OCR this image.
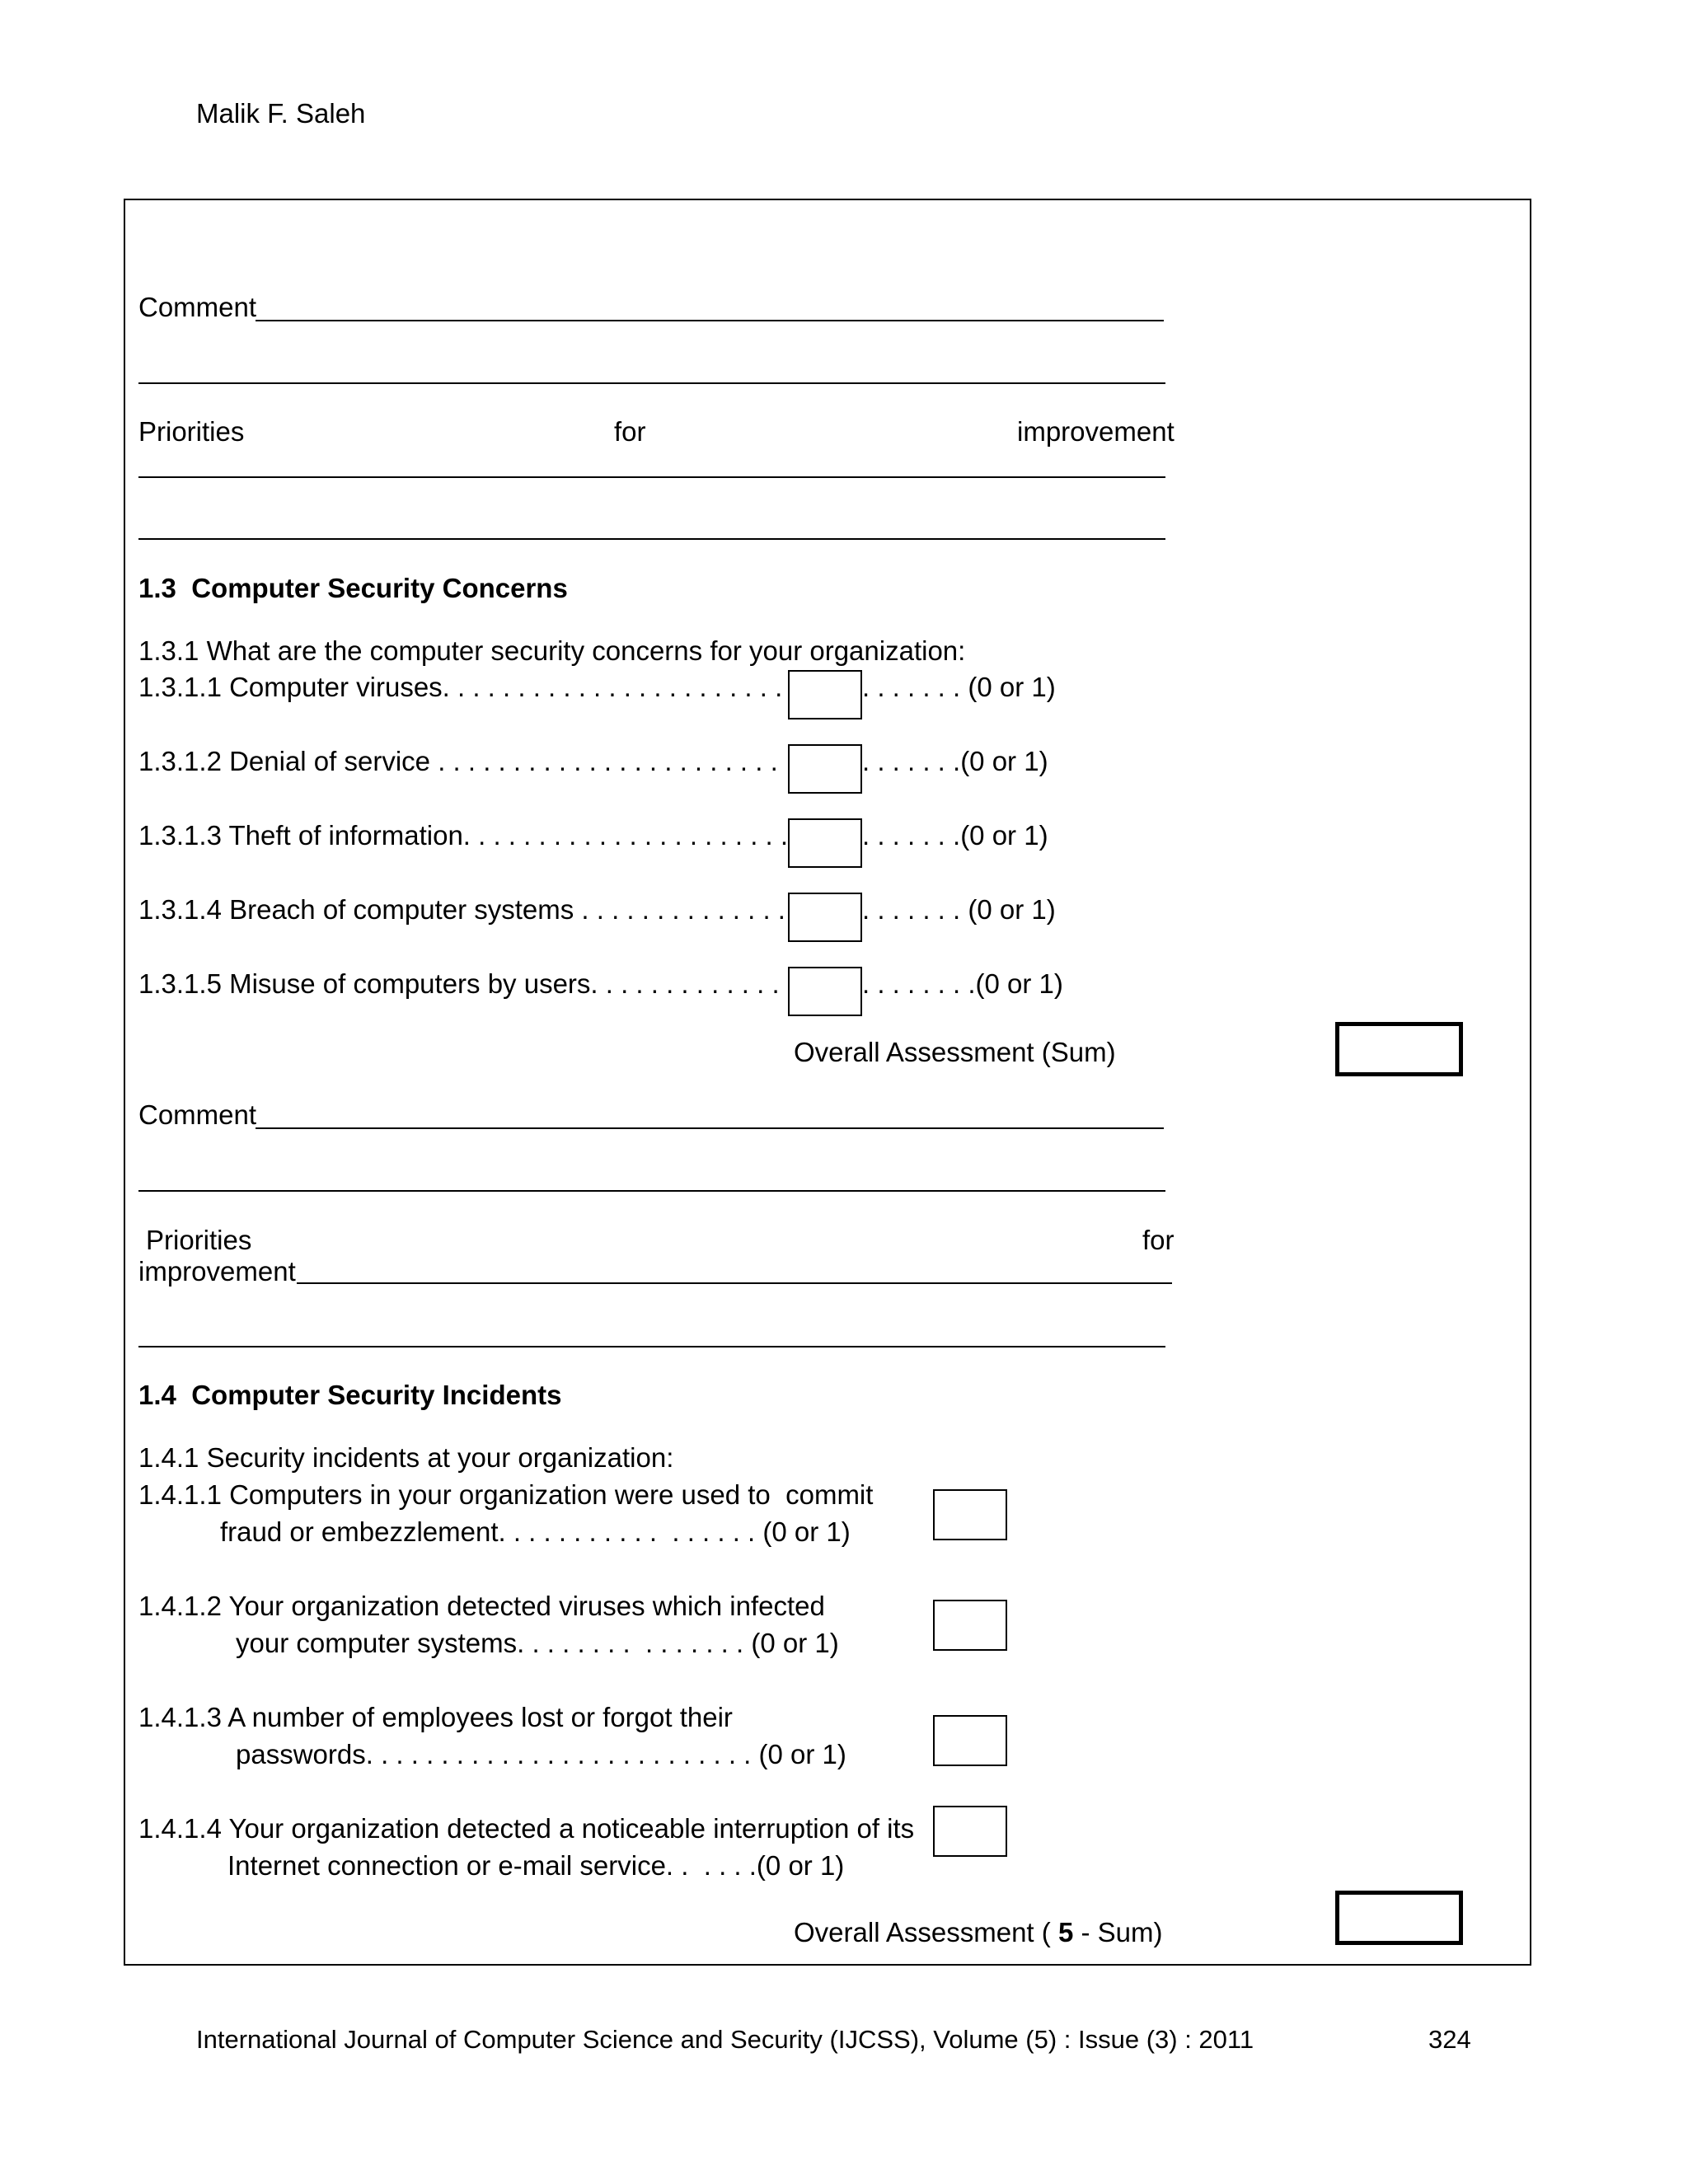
Malik F. Saleh
Comment
Priorities	for	improvement
1.3  Computer Security Concerns
1.3.1 What are the computer security concerns for your organization:
1.3.1.1 Computer viruses. . . . . . . . . . . . . . . . . . . . . . .	. . . . . . . (0 or 1)
1.3.1.2 Denial of service . . . . . . . . . . . . . . . . . . . . . . .	. . . . . . .(0 or 1)
1.3.1.3 Theft of information. . . . . . . . . . . . . . . . . . . . . .	. . . . . . .(0 or 1)
1.3.1.4 Breach of computer systems . . . . . . . . . . . . . .	. . . . . . . (0 or 1)
1.3.1.5 Misuse of computers by users. . . . . . . . . . . . .	. . . . . . . .(0 or 1)
Overall Assessment (Sum)
Comment
Priorities	for
improvement
1.4  Computer Security Incidents
1.4.1 Security incidents at your organization:
1.4.1.1 Computers in your organization were used to  commit
fraud or embezzlement. . . . . . . . . . .  . . . . . . (0 or 1)
1.4.1.2 Your organization detected viruses which infected
your computer systems. . . . . . . .  . . . . . . . (0 or 1)
1.4.1.3 A number of employees lost or forgot their
passwords. . . . . . . . . . . . . . . . . . . . . . . . . . (0 or 1)
1.4.1.4 Your organization detected a noticeable interruption of its
Internet connection or e-mail service. .  . . . .(0 or 1)
Overall Assessment ( 5 - Sum)
International Journal of Computer Science and Security (IJCSS), Volume (5) : Issue (3) : 2011	324
